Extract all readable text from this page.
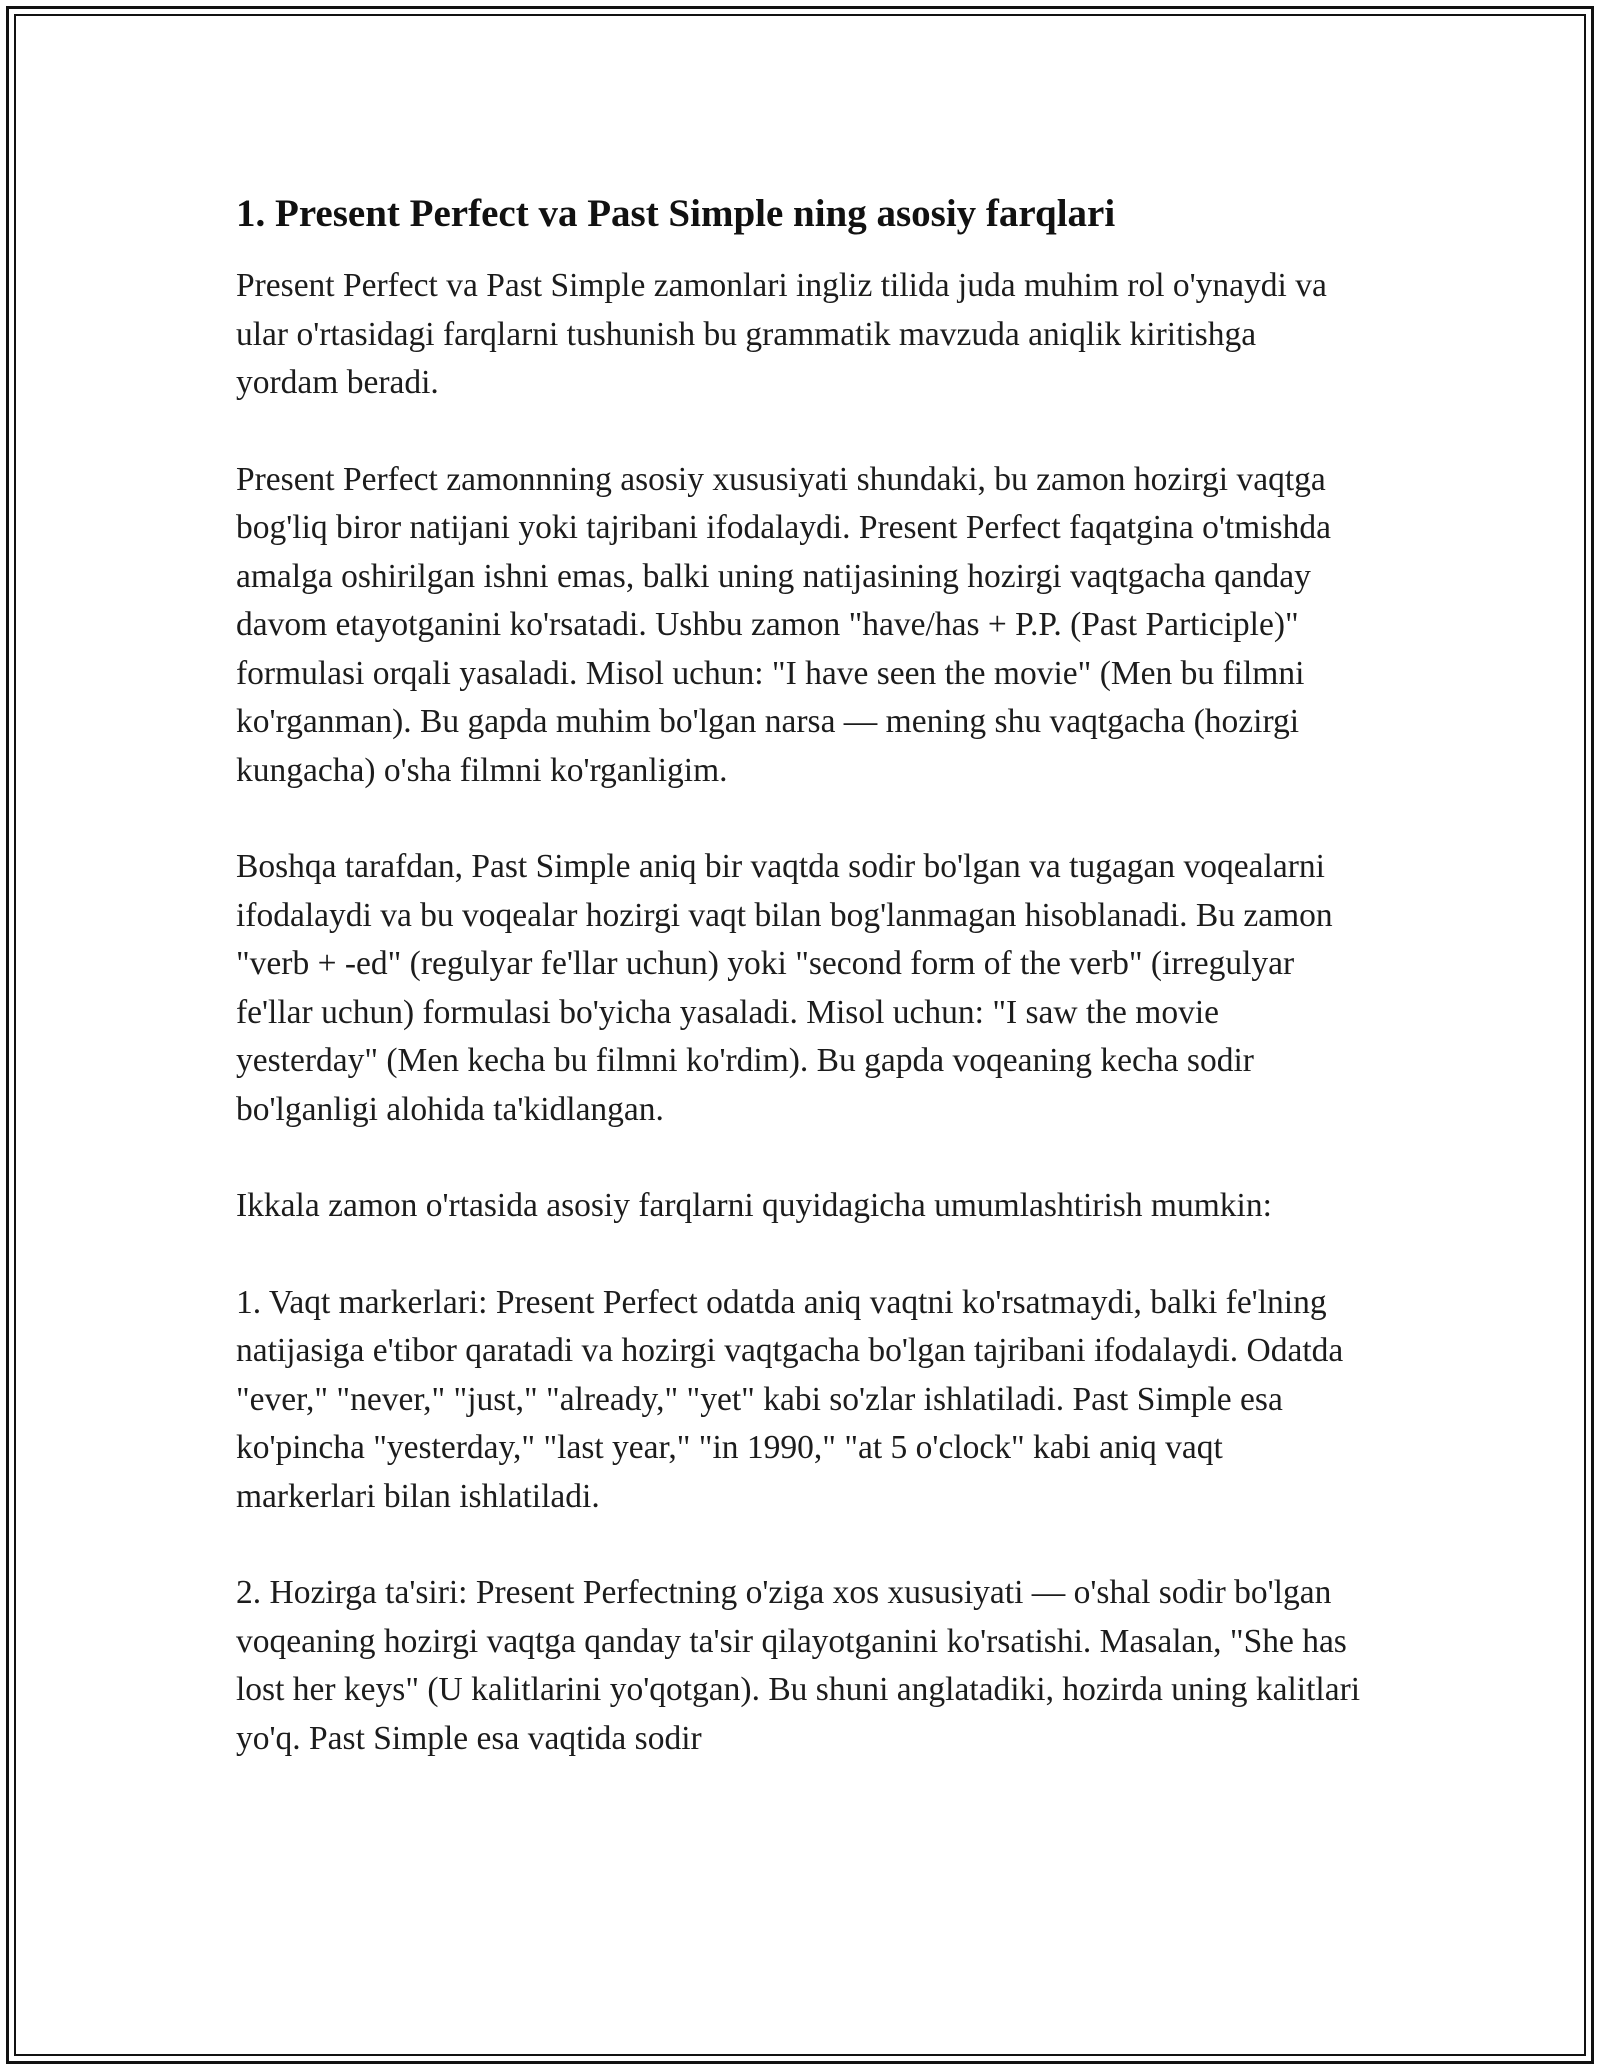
1. Present Perfect va Past Simple ning asosiy farqlari

Present Perfect va Past Simple zamonlari ingliz tilida juda muhim rol o'ynaydi va ular o'rtasidagi farqlarni tushunish bu grammatik mavzuda aniqlik kiritishga yordam beradi.

Present Perfect zamonnning asosiy xususiyati shundaki, bu zamon hozirgi vaqtga bog'liq biror natijani yoki tajribani ifodalaydi. Present Perfect faqatgina o'tmishda amalga oshirilgan ishni emas, balki uning natijasining hozirgi vaqtgacha qanday davom etayotganini ko'rsatadi. Ushbu zamon "have/has + P.P. (Past Participle)" formulasi orqali yasaladi. Misol uchun: "I have seen the movie" (Men bu filmni ko'rganman). Bu gapda muhim bo'lgan narsa — mening shu vaqtgacha (hozirgi kungacha) o'sha filmni ko'rganligim.

Boshqa tarafdan, Past Simple aniq bir vaqtda sodir bo'lgan va tugagan voqealarni ifodalaydi va bu voqealar hozirgi vaqt bilan bog'lanmagan hisoblanadi. Bu zamon "verb + -ed" (regulyar fe'llar uchun) yoki "second form of the verb" (irregulyar fe'llar uchun) formulasi bo'yicha yasaladi. Misol uchun: "I saw the movie yesterday" (Men kecha bu filmni ko'rdim). Bu gapda voqeaning kecha sodir bo'lganligi alohida ta'kidlangan.

Ikkala zamon o'rtasida asosiy farqlarni quyidagicha umumlashtirish mumkin:

1. Vaqt markerlari: Present Perfect odatda aniq vaqtni ko'rsatmaydi, balki fe'lning natijasiga e'tibor qaratadi va hozirgi vaqtgacha bo'lgan tajribani ifodalaydi. Odatda "ever," "never," "just," "already," "yet" kabi so'zlar ishlatiladi. Past Simple esa ko'pincha "yesterday," "last year," "in 1990," "at 5 o'clock" kabi aniq vaqt markerlari bilan ishlatiladi.

2. Hozirga ta'siri: Present Perfectning o'ziga xos xususiyati — o'shal sodir bo'lgan voqeaning hozirgi vaqtga qanday ta'sir qilayotganini ko'rsatishi. Masalan, "She has lost her keys" (U kalitlarini yo'qotgan). Bu shuni anglatadiki, hozirda uning kalitlari yo'q. Past Simple esa vaqtida sodir
